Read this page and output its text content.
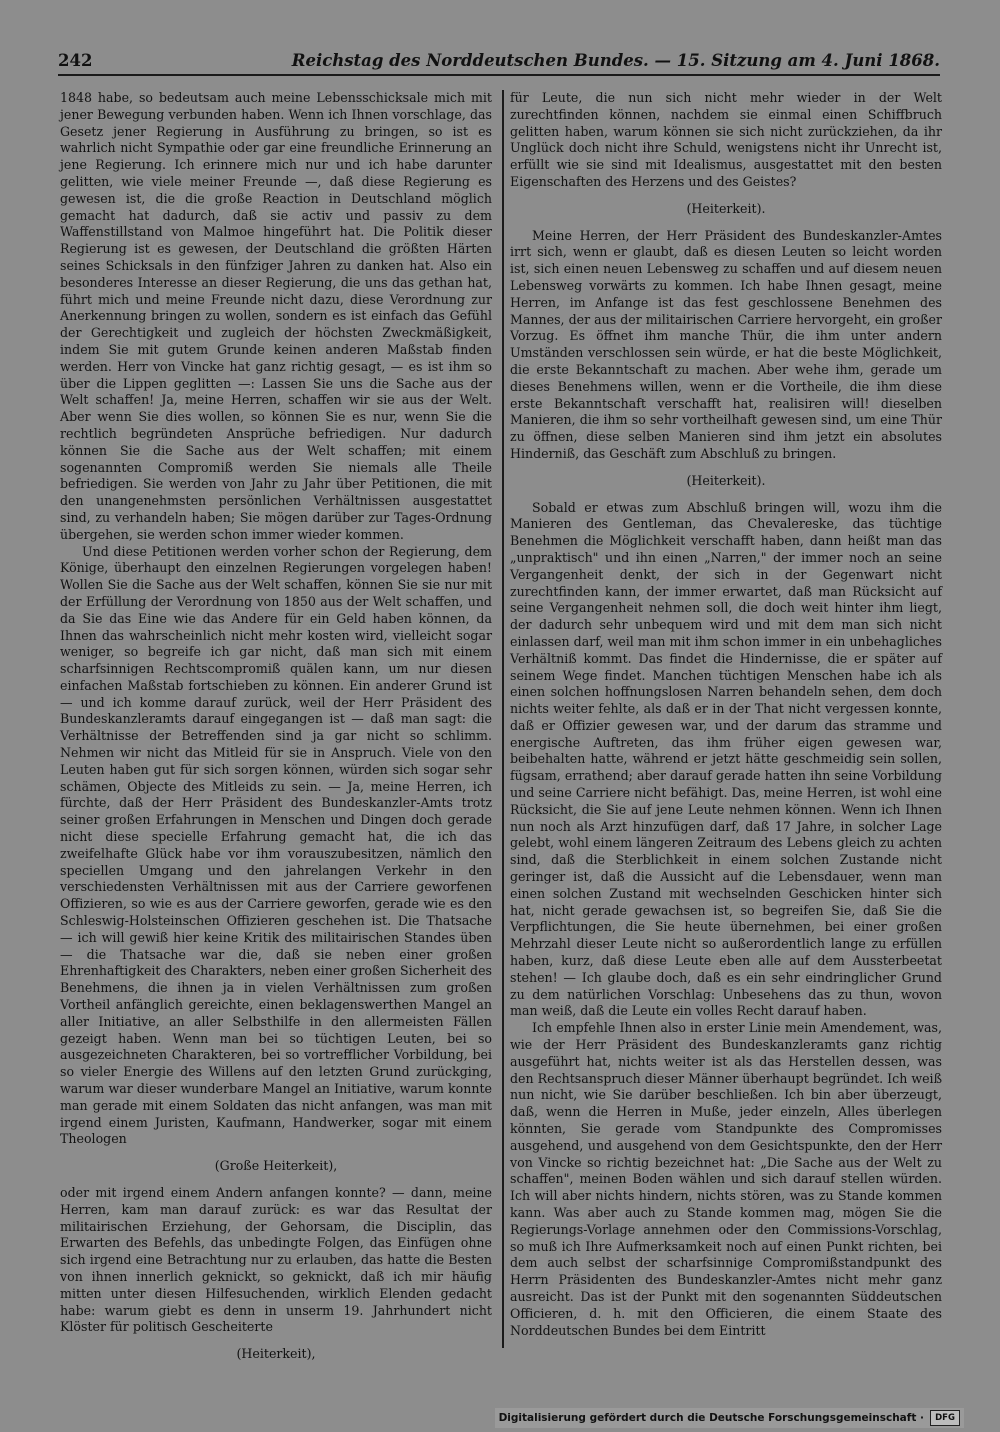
242	Reichstag des Norddeutschen Bundes. — 15. Sitzung am 4. Juni 1868.

1848 habe, so bedeutsam auch meine Lebensschicksale mich mit jener Bewegung verbunden haben. Wenn ich Ihnen vorschlage, das Gesetz jener Regierung in Ausführung zu bringen, so ist es wahrlich nicht Sympathie oder gar eine freundliche Erinnerung an jene Regierung. Ich erinnere mich nur und ich habe darunter gelitten, wie viele meiner Freunde —, daß diese Regierung es gewesen ist, die die große Reaction in Deutschland möglich gemacht hat dadurch, daß sie activ und passiv zu dem Waffenstillstand von Malmoe hingeführt hat. Die Politik dieser Regierung ist es gewesen, der Deutschland die größten Härten seines Schicksals in den fünfziger Jahren zu danken hat. Also ein besonderes Interesse an dieser Regierung, die uns das gethan hat, führt mich und meine Freunde nicht dazu, diese Verordnung zur Anerkennung bringen zu wollen, sondern es ist einfach das Gefühl der Gerechtigkeit und zugleich der höchsten Zweckmäßigkeit, indem Sie mit gutem Grunde keinen anderen Maßstab finden werden. Herr von Vincke hat ganz richtig gesagt, — es ist ihm so über die Lippen geglitten —: Lassen Sie uns die Sache aus der Welt schaffen! Ja, meine Herren, schaffen wir sie aus der Welt. Aber wenn Sie dies wollen, so können Sie es nur, wenn Sie die rechtlich begründeten Ansprüche befriedigen. Nur dadurch können Sie die Sache aus der Welt schaffen; mit einem sogenannten Compromiß werden Sie niemals alle Theile befriedigen. Sie werden von Jahr zu Jahr über Petitionen, die mit den unangenehmsten persönlichen Verhältnissen ausgestattet sind, zu verhandeln haben; Sie mögen darüber zur Tages-Ordnung übergehen, sie werden schon immer wieder kommen.

Und diese Petitionen werden vorher schon der Regierung, dem Könige, überhaupt den einzelnen Regierungen vorgelegen haben! Wollen Sie die Sache aus der Welt schaffen, können Sie sie nur mit der Erfüllung der Verordnung von 1850 aus der Welt schaffen, und da Sie das Eine wie das Andere für ein Geld haben können, da Ihnen das wahrscheinlich nicht mehr kosten wird, vielleicht sogar weniger, so begreife ich gar nicht, daß man sich mit einem scharfsinnigen Rechtscompromiß quälen kann, um nur diesen einfachen Maßstab fortschieben zu können. Ein anderer Grund ist — und ich komme darauf zurück, weil der Herr Präsident des Bundeskanzleramts darauf eingegangen ist — daß man sagt: die Verhältnisse der Betreffenden sind ja gar nicht so schlimm. Nehmen wir nicht das Mitleid für sie in Anspruch. Viele von den Leuten haben gut für sich sorgen können, würden sich sogar sehr schämen, Objecte des Mitleids zu sein. — Ja, meine Herren, ich fürchte, daß der Herr Präsident des Bundeskanzler-Amts trotz seiner großen Erfahrungen in Menschen und Dingen doch gerade nicht diese specielle Erfahrung gemacht hat, die ich das zweifelhafte Glück habe vor ihm vorauszubesitzen, nämlich den speciellen Umgang und den jahrelangen Verkehr in den verschiedensten Verhältnissen mit aus der Carriere geworfenen Offizieren, so wie es aus der Carriere geworfen, gerade wie es den Schleswig-Holsteinschen Offizieren geschehen ist. Die Thatsache — ich will gewiß hier keine Kritik des militairischen Standes üben — die Thatsache war die, daß sie neben einer großen Ehrenhaftigkeit des Charakters, neben einer großen Sicherheit des Benehmens, die ihnen ja in vielen Verhältnissen zum großen Vortheil anfänglich gereichte, einen beklagenswerthen Mangel an aller Initiative, an aller Selbsthilfe in den allermeisten Fällen gezeigt haben. Wenn man bei so tüchtigen Leuten, bei so ausgezeichneten Charakteren, bei so vortrefflicher Vorbildung, bei so vieler Energie des Willens auf den letzten Grund zurückging, warum war dieser wunderbare Mangel an Initiative, warum konnte man gerade mit einem Soldaten das nicht anfangen, was man mit irgend einem Juristen, Kaufmann, Handwerker, sogar mit einem Theologen

(Große Heiterkeit),

oder mit irgend einem Andern anfangen konnte? — dann, meine Herren, kam man darauf zurück: es war das Resultat der militairischen Erziehung, der Gehorsam, die Disciplin, das Erwarten des Befehls, das unbedingte Folgen, das Einfügen ohne sich irgend eine Betrachtung nur zu erlauben, das hatte die Besten von ihnen innerlich geknickt, so geknickt, daß ich mir häufig mitten unter diesen Hilfesuchenden, wirklich Elenden gedacht habe: warum giebt es denn in unserm 19. Jahrhundert nicht Klöster für politisch Gescheiterte

(Heiterkeit),

für Leute, die nun sich nicht mehr wieder in der Welt zurechtfinden können, nachdem sie einmal einen Schiffbruch gelitten haben, warum können sie sich nicht zurückziehen, da ihr Unglück doch nicht ihre Schuld, wenigstens nicht ihr Unrecht ist, erfüllt wie sie sind mit Idealismus, ausgestattet mit den besten Eigenschaften des Herzens und des Geistes?

(Heiterkeit).

Meine Herren, der Herr Präsident des Bundeskanzler-Amtes irrt sich, wenn er glaubt, daß es diesen Leuten so leicht worden ist, sich einen neuen Lebensweg zu schaffen und auf diesem neuen Lebensweg vorwärts zu kommen. Ich habe Ihnen gesagt, meine Herren, im Anfange ist das fest geschlossene Benehmen des Mannes, der aus der militairischen Carriere hervorgeht, ein großer Vorzug. Es öffnet ihm manche Thür, die ihm unter andern Umständen verschlossen sein würde, er hat die beste Möglichkeit, die erste Bekanntschaft zu machen. Aber wehe ihm, gerade um dieses Benehmens willen, wenn er die Vortheile, die ihm diese erste Bekanntschaft verschafft hat, realisiren will! dieselben Manieren, die ihm so sehr vortheilhaft gewesen sind, um eine Thür zu öffnen, diese selben Manieren sind ihm jetzt ein absolutes Hinderniß, das Geschäft zum Abschluß zu bringen.

(Heiterkeit).

Sobald er etwas zum Abschluß bringen will, wozu ihm die Manieren des Gentleman, das Chevalereske, das tüchtige Benehmen die Möglichkeit verschafft haben, dann heißt man das „unpraktisch" und ihn einen „Narren," der immer noch an seine Vergangenheit denkt, der sich in der Gegenwart nicht zurechtfinden kann, der immer erwartet, daß man Rücksicht auf seine Vergangenheit nehmen soll, die doch weit hinter ihm liegt, der dadurch sehr unbequem wird und mit dem man sich nicht einlassen darf, weil man mit ihm schon immer in ein unbehagliches Verhältniß kommt. Das findet die Hindernisse, die er später auf seinem Wege findet. Manchen tüchtigen Menschen habe ich als einen solchen hoffnungslosen Narren behandeln sehen, dem doch nichts weiter fehlte, als daß er in der That nicht vergessen konnte, daß er Offizier gewesen war, und der darum das stramme und energische Auftreten, das ihm früher eigen gewesen war, beibehalten hatte, während er jetzt hätte geschmeidig sein sollen, fügsam, errathend; aber darauf gerade hatten ihn seine Vorbildung und seine Carriere nicht befähigt. Das, meine Herren, ist wohl eine Rücksicht, die Sie auf jene Leute nehmen können. Wenn ich Ihnen nun noch als Arzt hinzufügen darf, daß 17 Jahre, in solcher Lage gelebt, wohl einem längeren Zeitraum des Lebens gleich zu achten sind, daß die Sterblichkeit in einem solchen Zustande nicht geringer ist, daß die Aussicht auf die Lebensdauer, wenn man einen solchen Zustand mit wechselnden Geschicken hinter sich hat, nicht gerade gewachsen ist, so begreifen Sie, daß Sie die Verpflichtungen, die Sie heute übernehmen, bei einer großen Mehrzahl dieser Leute nicht so außerordentlich lange zu erfüllen haben, kurz, daß diese Leute eben alle auf dem Aussterbeetat stehen! — Ich glaube doch, daß es ein sehr eindringlicher Grund zu dem natürlichen Vorschlag: Unbesehens das zu thun, wovon man weiß, daß die Leute ein volles Recht darauf haben.

Ich empfehle Ihnen also in erster Linie mein Amendement, was, wie der Herr Präsident des Bundeskanzleramts ganz richtig ausgeführt hat, nichts weiter ist als das Herstellen dessen, was den Rechtsanspruch dieser Männer überhaupt begründet. Ich weiß nun nicht, wie Sie darüber beschließen. Ich bin aber überzeugt, daß, wenn die Herren in Muße, jeder einzeln, Alles überlegen könnten, Sie gerade vom Standpunkte des Compromisses ausgehend, und ausgehend von dem Gesichtspunkte, den der Herr von Vincke so richtig bezeichnet hat: „Die Sache aus der Welt zu schaffen", meinen Boden wählen und sich darauf stellen würden. Ich will aber nichts hindern, nichts stören, was zu Stande kommen kann. Was aber auch zu Stande kommen mag, mögen Sie die Regierungs-Vorlage annehmen oder den Commissions-Vorschlag, so muß ich Ihre Aufmerksamkeit noch auf einen Punkt richten, bei dem auch selbst der scharfsinnige Compromißstandpunkt des Herrn Präsidenten des Bundeskanzler-Amtes nicht mehr ganz ausreicht. Das ist der Punkt mit den sogenannten Süddeutschen Officieren, d. h. mit den Officieren, die einem Staate des Norddeutschen Bundes bei dem Eintritt

Digitalisierung gefördert durch die Deutsche Forschungsgemeinschaft ·	DFG
